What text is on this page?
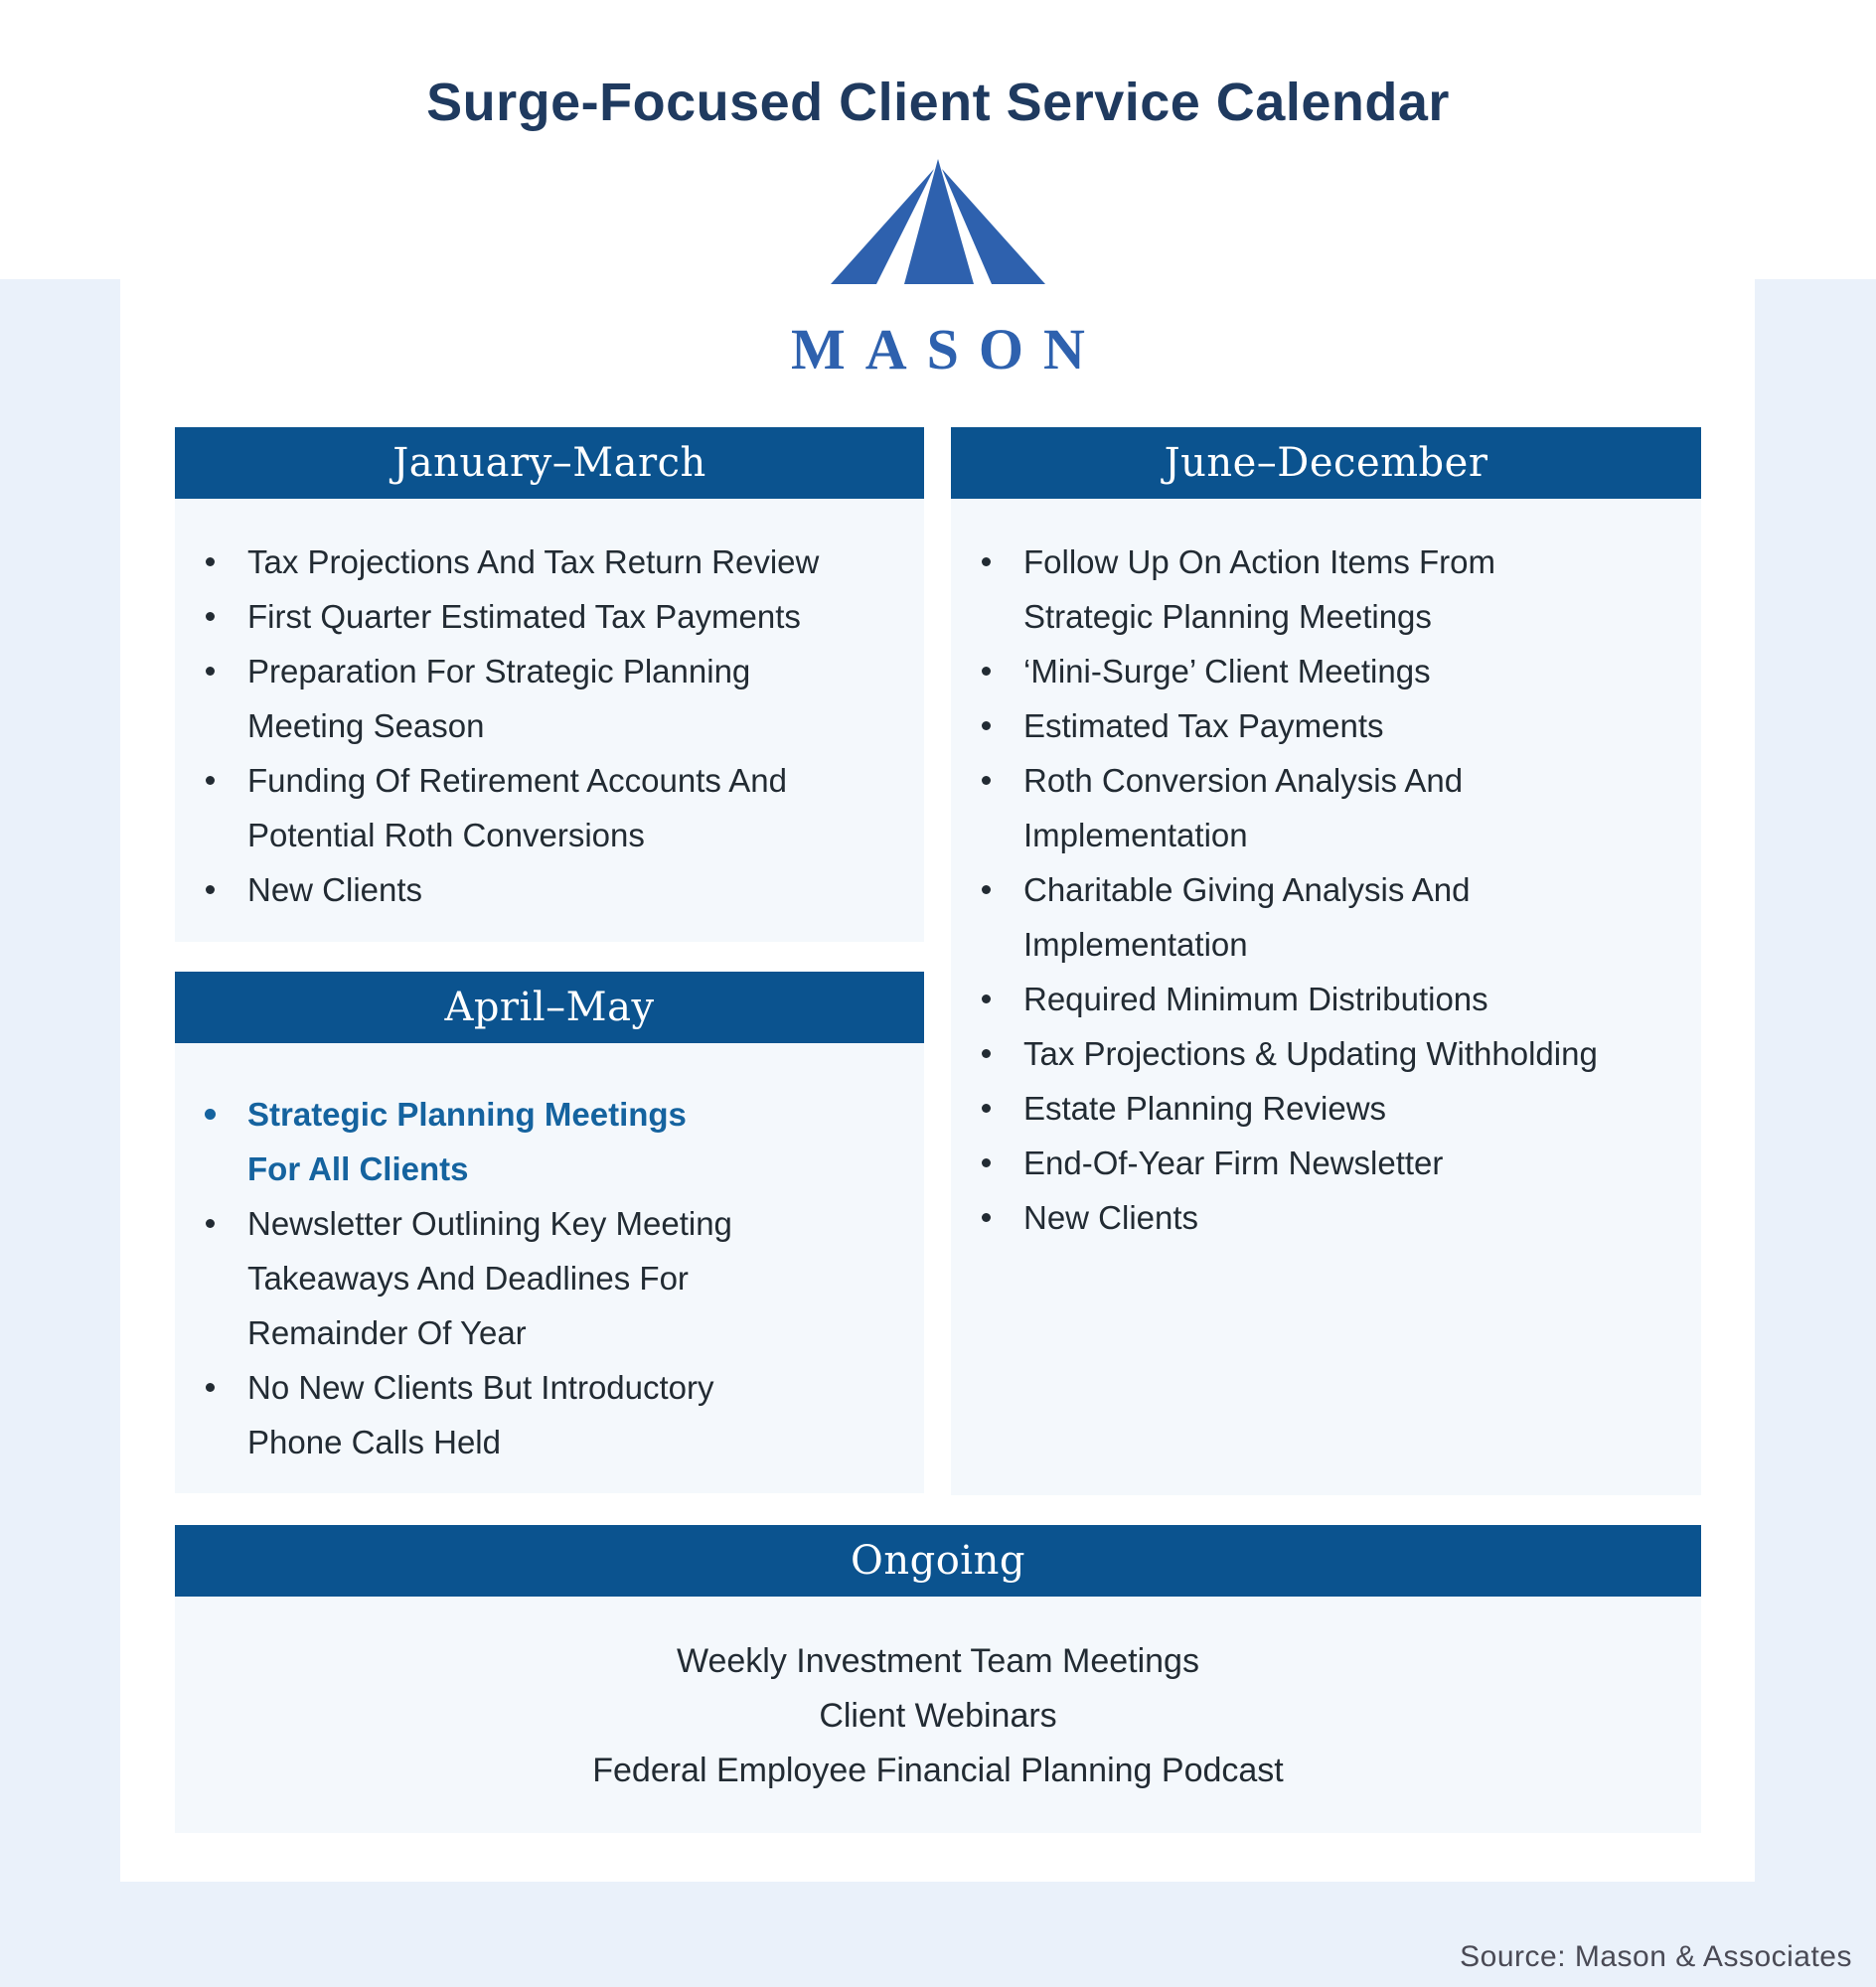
Surge-Focused Client Service Calendar
MASON
January–March
Tax Projections And Tax Return Review
First Quarter Estimated Tax Payments
Preparation For Strategic Planning Meeting Season
Funding Of Retirement Accounts And Potential Roth Conversions
New Clients
April–May
Strategic Planning Meetings For All Clients
Newsletter Outlining Key Meeting Takeaways And Deadlines For Remainder Of Year
No New Clients But Introductory Phone Calls Held
June–December
Follow Up On Action Items From Strategic Planning Meetings
‘Mini-Surge’ Client Meetings
Estimated Tax Payments
Roth Conversion Analysis And Implementation
Charitable Giving Analysis And Implementation
Required Minimum Distributions
Tax Projections & Updating Withholding
Estate Planning Reviews
End-Of-Year Firm Newsletter
New Clients
Ongoing
Weekly Investment Team Meetings
Client Webinars
Federal Employee Financial Planning Podcast
Source: Mason & Associates
